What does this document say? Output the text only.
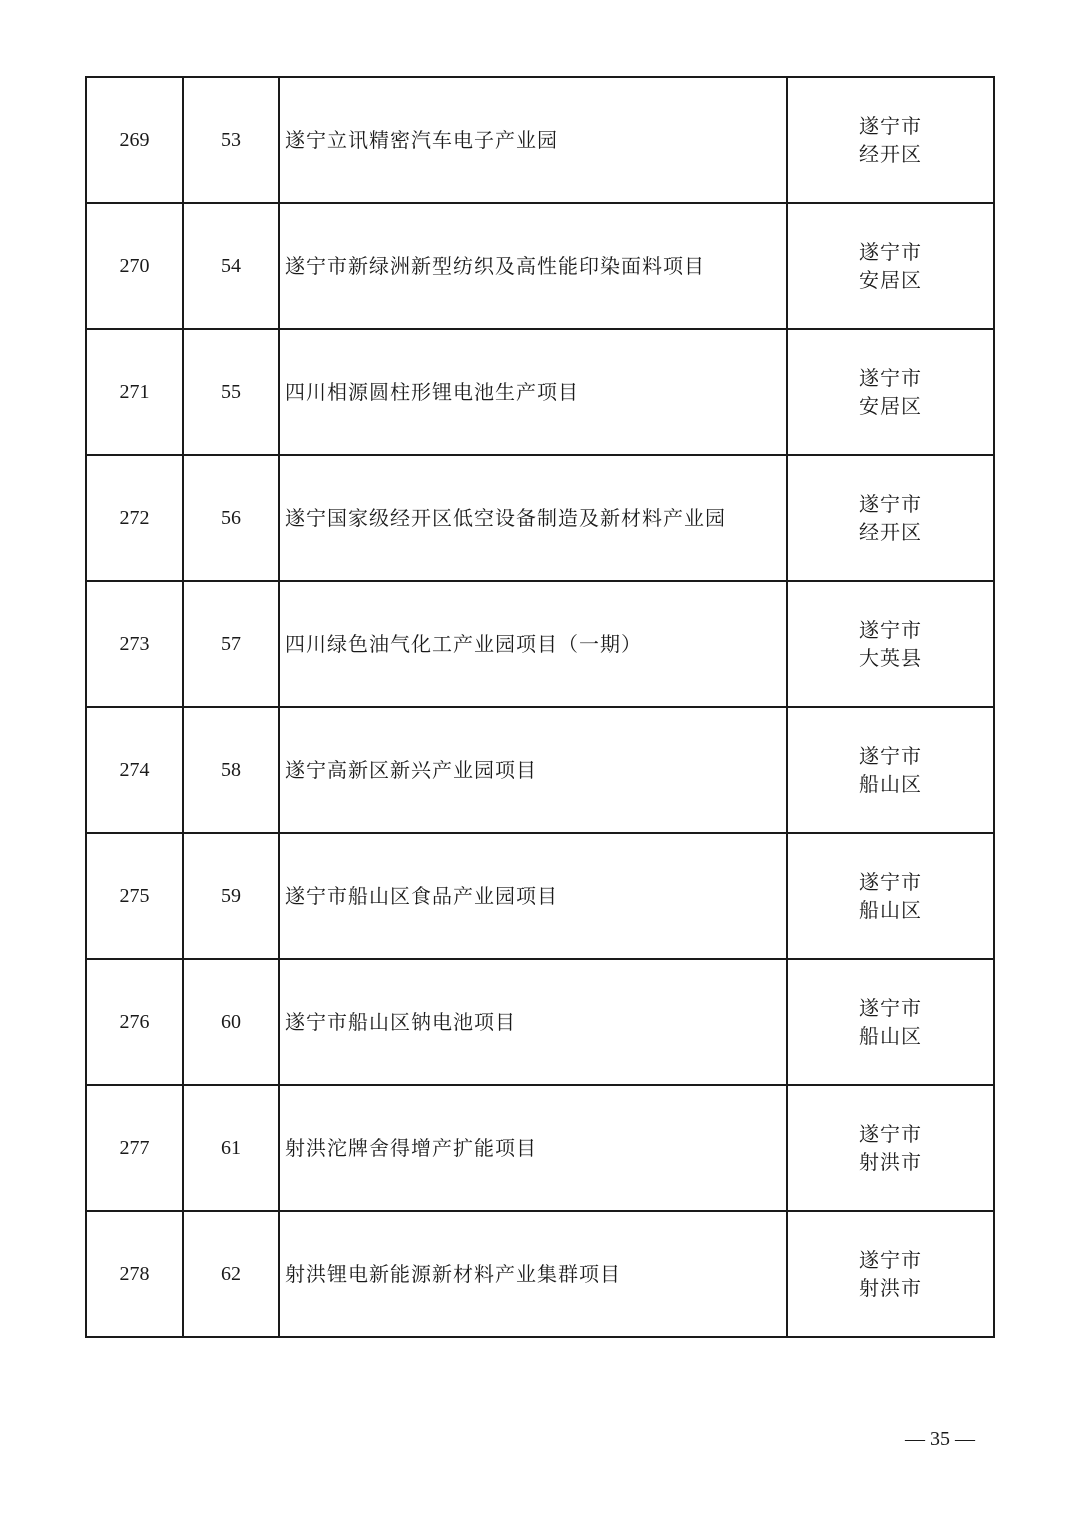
269	53	遂宁立讯精密汽车电子产业园	遂宁市
经开区

270	54	遂宁市新绿洲新型纺织及高性能印染面料项目	遂宁市
安居区

271	55	四川相源圆柱形锂电池生产项目	遂宁市
安居区

272	56	遂宁国家级经开区低空设备制造及新材料产业园	遂宁市
经开区

273	57	四川绿色油气化工产业园项目（一期）	遂宁市
大英县

274	58	遂宁高新区新兴产业园项目	遂宁市
船山区

275	59	遂宁市船山区食品产业园项目	遂宁市
船山区

276	60	遂宁市船山区钠电池项目	遂宁市
船山区

277	61	射洪沱牌舍得增产扩能项目	遂宁市
射洪市

278	62	射洪锂电新能源新材料产业集群项目	遂宁市
射洪市
— 35 —
